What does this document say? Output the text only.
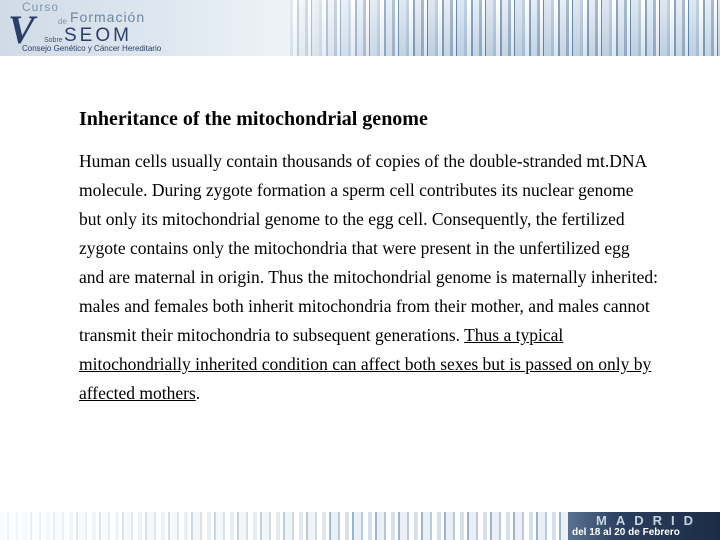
Curso
de Formación
V Sobre SEOM
Consejo Genético y Cáncer Hereditario
Inheritance of the mitochondrial genome
Human cells usually contain thousands of copies of the double-stranded mt.DNA molecule. During zygote formation a sperm cell contributes its nuclear genome but only its mitochondrial genome to the egg cell. Consequently, the fertilized zygote contains only the mitochondria that were present in the unfertilized egg and are maternal in origin. Thus the mitochondrial genome is maternally inherited: males and females both inherit mitochondria from their mother, and males cannot transmit their mitochondria to subsequent generations. Thus a typical mitochondrially inherited condition can affect both sexes but is passed on only by affected mothers.
MADRID
del 18 al 20 de Febrero
